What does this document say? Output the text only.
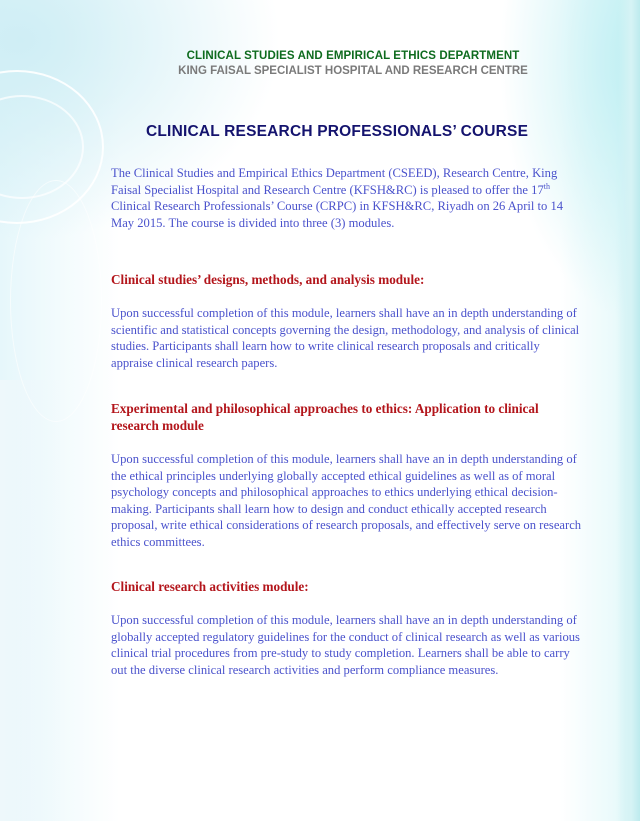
CLINICAL STUDIES AND EMPIRICAL ETHICS DEPARTMENT
KING FAISAL SPECIALIST HOSPITAL AND RESEARCH CENTRE
CLINICAL RESEARCH PROFESSIONALS’ COURSE

The Clinical Studies and Empirical Ethics Department (CSEED), Research Centre, King Faisal Specialist Hospital and Research Centre (KFSH&RC) is pleased to offer the 17th Clinical Research Professionals’ Course (CRPC) in KFSH&RC, Riyadh on 26 April to 14 May 2015. The course is divided into three (3) modules.

Clinical studies’ designs, methods, and analysis module:

Upon successful completion of this module, learners shall have an in depth understanding of scientific and statistical concepts governing the design, methodology, and analysis of clinical studies. Participants shall learn how to write clinical research proposals and critically appraise clinical research papers.

Experimental and philosophical approaches to ethics: Application to clinical research module

Upon successful completion of this module, learners shall have an in depth understanding of the ethical principles underlying globally accepted ethical guidelines as well as of moral psychology concepts and philosophical approaches to ethics underlying ethical decision-making. Participants shall learn how to design and conduct ethically accepted research proposal, write ethical considerations of research proposals, and effectively serve on research ethics committees.

Clinical research activities module:

Upon successful completion of this module, learners shall have an in depth understanding of globally accepted regulatory guidelines for the conduct of clinical research as well as various clinical trial procedures from pre-study to study completion. Learners shall be able to carry out the diverse clinical research activities and perform compliance measures.
